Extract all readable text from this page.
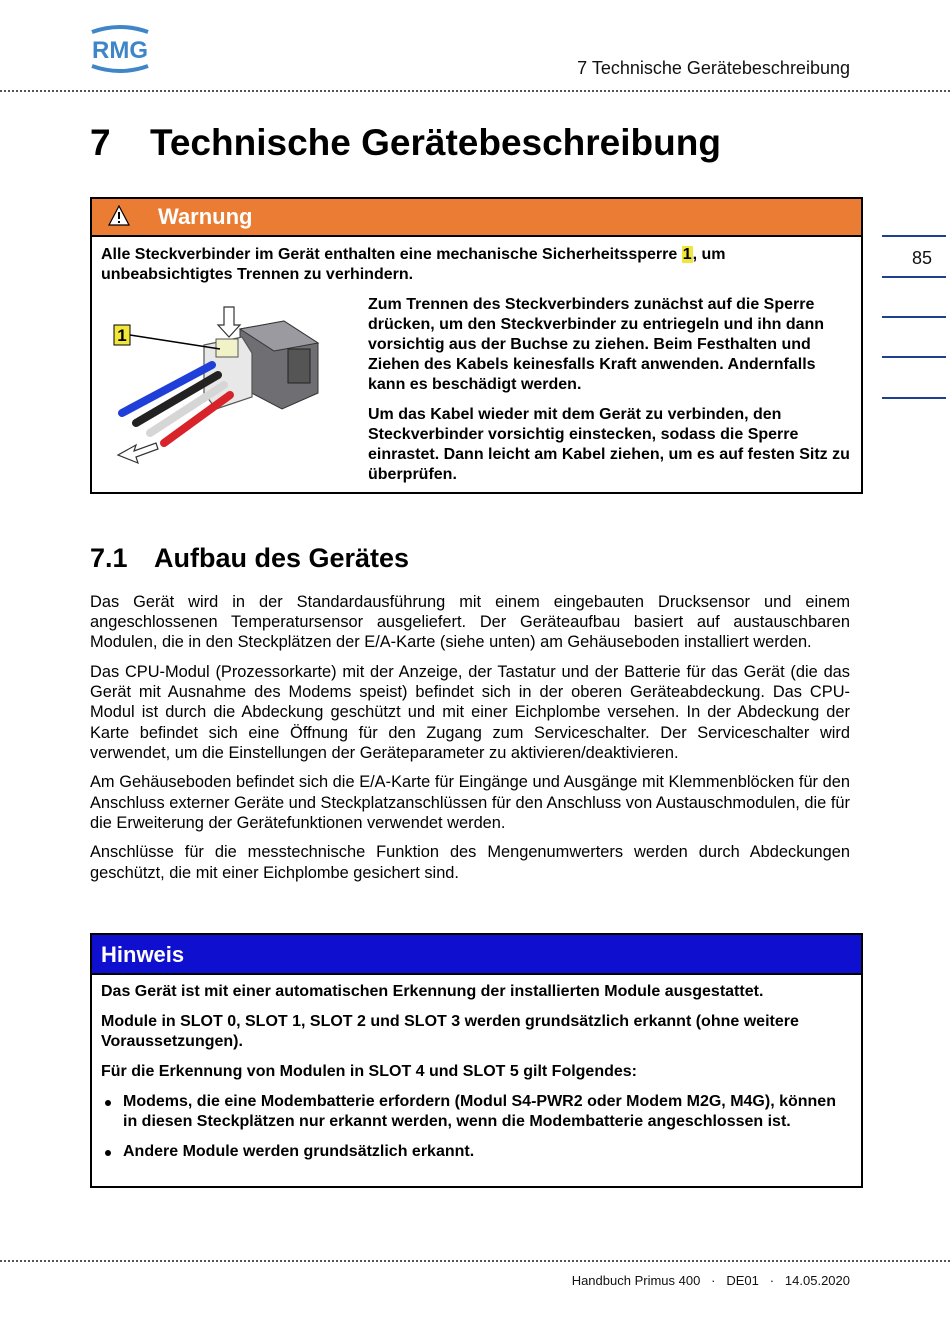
RMG
7 Technische Gerätebeschreibung
7 Technische Gerätebeschreibung
85
Warnung
Alle Steckverbinder im Gerät enthalten eine mechanische Sicherheitssperre 1, um unbeabsichtigtes Trennen zu verhindern.
1

Zum Trennen des Steckverbinders zunächst auf die Sperre drücken, um den Steckverbinder zu entriegeln und ihn dann vorsichtig aus der Buchse zu ziehen. Beim Festhalten und Ziehen des Kabels keinesfalls Kraft anwenden. Andernfalls kann es beschädigt werden.

Um das Kabel wieder mit dem Gerät zu verbinden, den Steckverbinder vorsichtig einstecken, sodass die Sperre einrastet. Dann leicht am Kabel ziehen, um es auf festen Sitz zu überprüfen.

7.1 Aufbau des Gerätes

Das Gerät wird in der Standardausführung mit einem eingebauten Drucksensor und einem angeschlossenen Temperatursensor ausgeliefert. Der Geräteaufbau basiert auf austauschbaren Modulen, die in den Steckplätzen der E/A-Karte (siehe unten) am Gehäuseboden installiert werden.

Das CPU-Modul (Prozessorkarte) mit der Anzeige, der Tastatur und der Batterie für das Gerät (die das Gerät mit Ausnahme des Modems speist) befindet sich in der oberen Geräteabdeckung. Das CPU-Modul ist durch die Abdeckung geschützt und mit einer Eichplombe versehen. In der Abdeckung der Karte befindet sich eine Öffnung für den Zugang zum Serviceschalter. Der Serviceschalter wird verwendet, um die Einstellungen der Geräteparameter zu aktivieren/deaktivieren.

Am Gehäuseboden befindet sich die E/A-Karte für Eingänge und Ausgänge mit Klemmenblöcken für den Anschluss externer Geräte und Steckplatzanschlüssen für den Anschluss von Austauschmodulen, die für die Erweiterung der Gerätefunktionen verwendet werden.

Anschlüsse für die messtechnische Funktion des Mengenumwerters werden durch Abdeckungen geschützt, die mit einer Eichplombe gesichert sind.

Hinweis

Das Gerät ist mit einer automatischen Erkennung der installierten Module ausgestattet.

Module in SLOT 0, SLOT 1, SLOT 2 und SLOT 3 werden grundsätzlich erkannt (ohne weitere Voraussetzungen).

Für die Erkennung von Modulen in SLOT 4 und SLOT 5 gilt Folgendes:

Modems, die eine Modembatterie erfordern (Modul S4-PWR2 oder Modem M2G, M4G), können in diesen Steckplätzen nur erkannt werden, wenn die Modembatterie angeschlossen ist.
Andere Module werden grundsätzlich erkannt.
Handbuch Primus 400 · DE01 · 14.05.2020
